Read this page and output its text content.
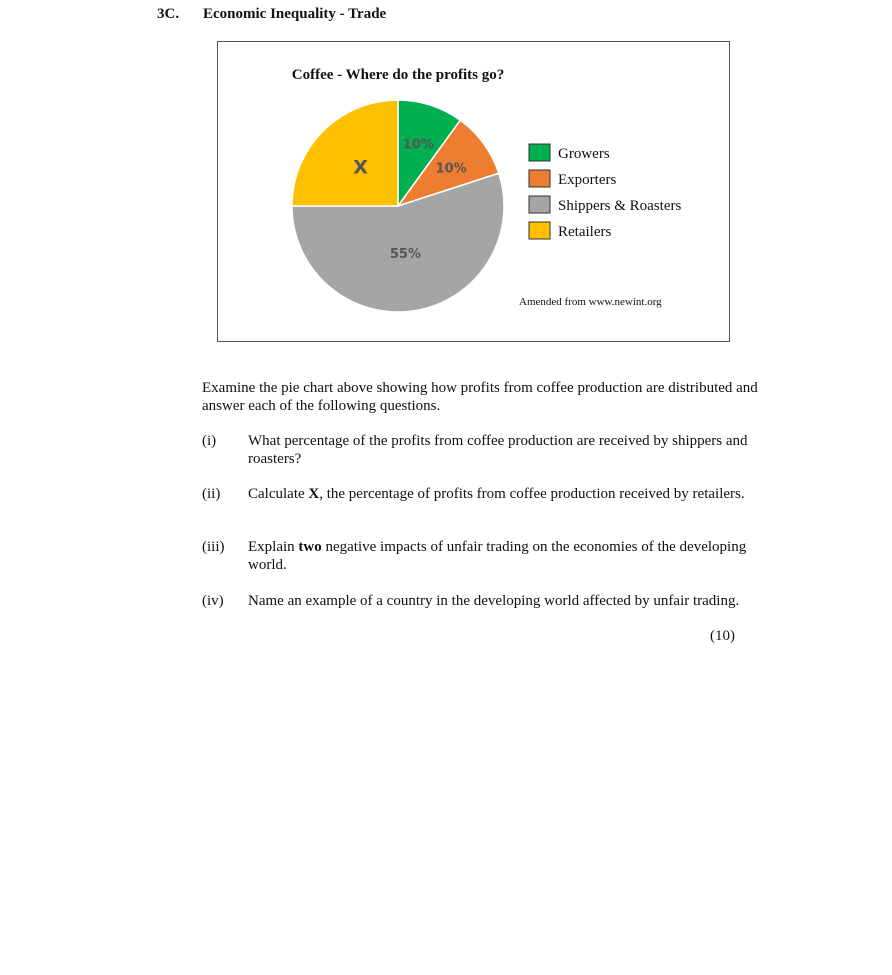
3C. Economic Inequality - Trade
Coffee - Where do the profits go?
10%
10%
55%
X
Growers
Exporters
Shippers & Roasters
Retailers
Amended from www.newint.org
Examine the pie chart above showing how profits from coffee production are distributed and answer each of the following questions.
(i) What percentage of the profits from coffee production are received by shippers and roasters?
(ii) Calculate X, the percentage of profits from coffee production received by retailers.
(iii) Explain two negative impacts of unfair trading on the economies of the developing world.
(iv) Name an example of a country in the developing world affected by unfair trading.
(10)
